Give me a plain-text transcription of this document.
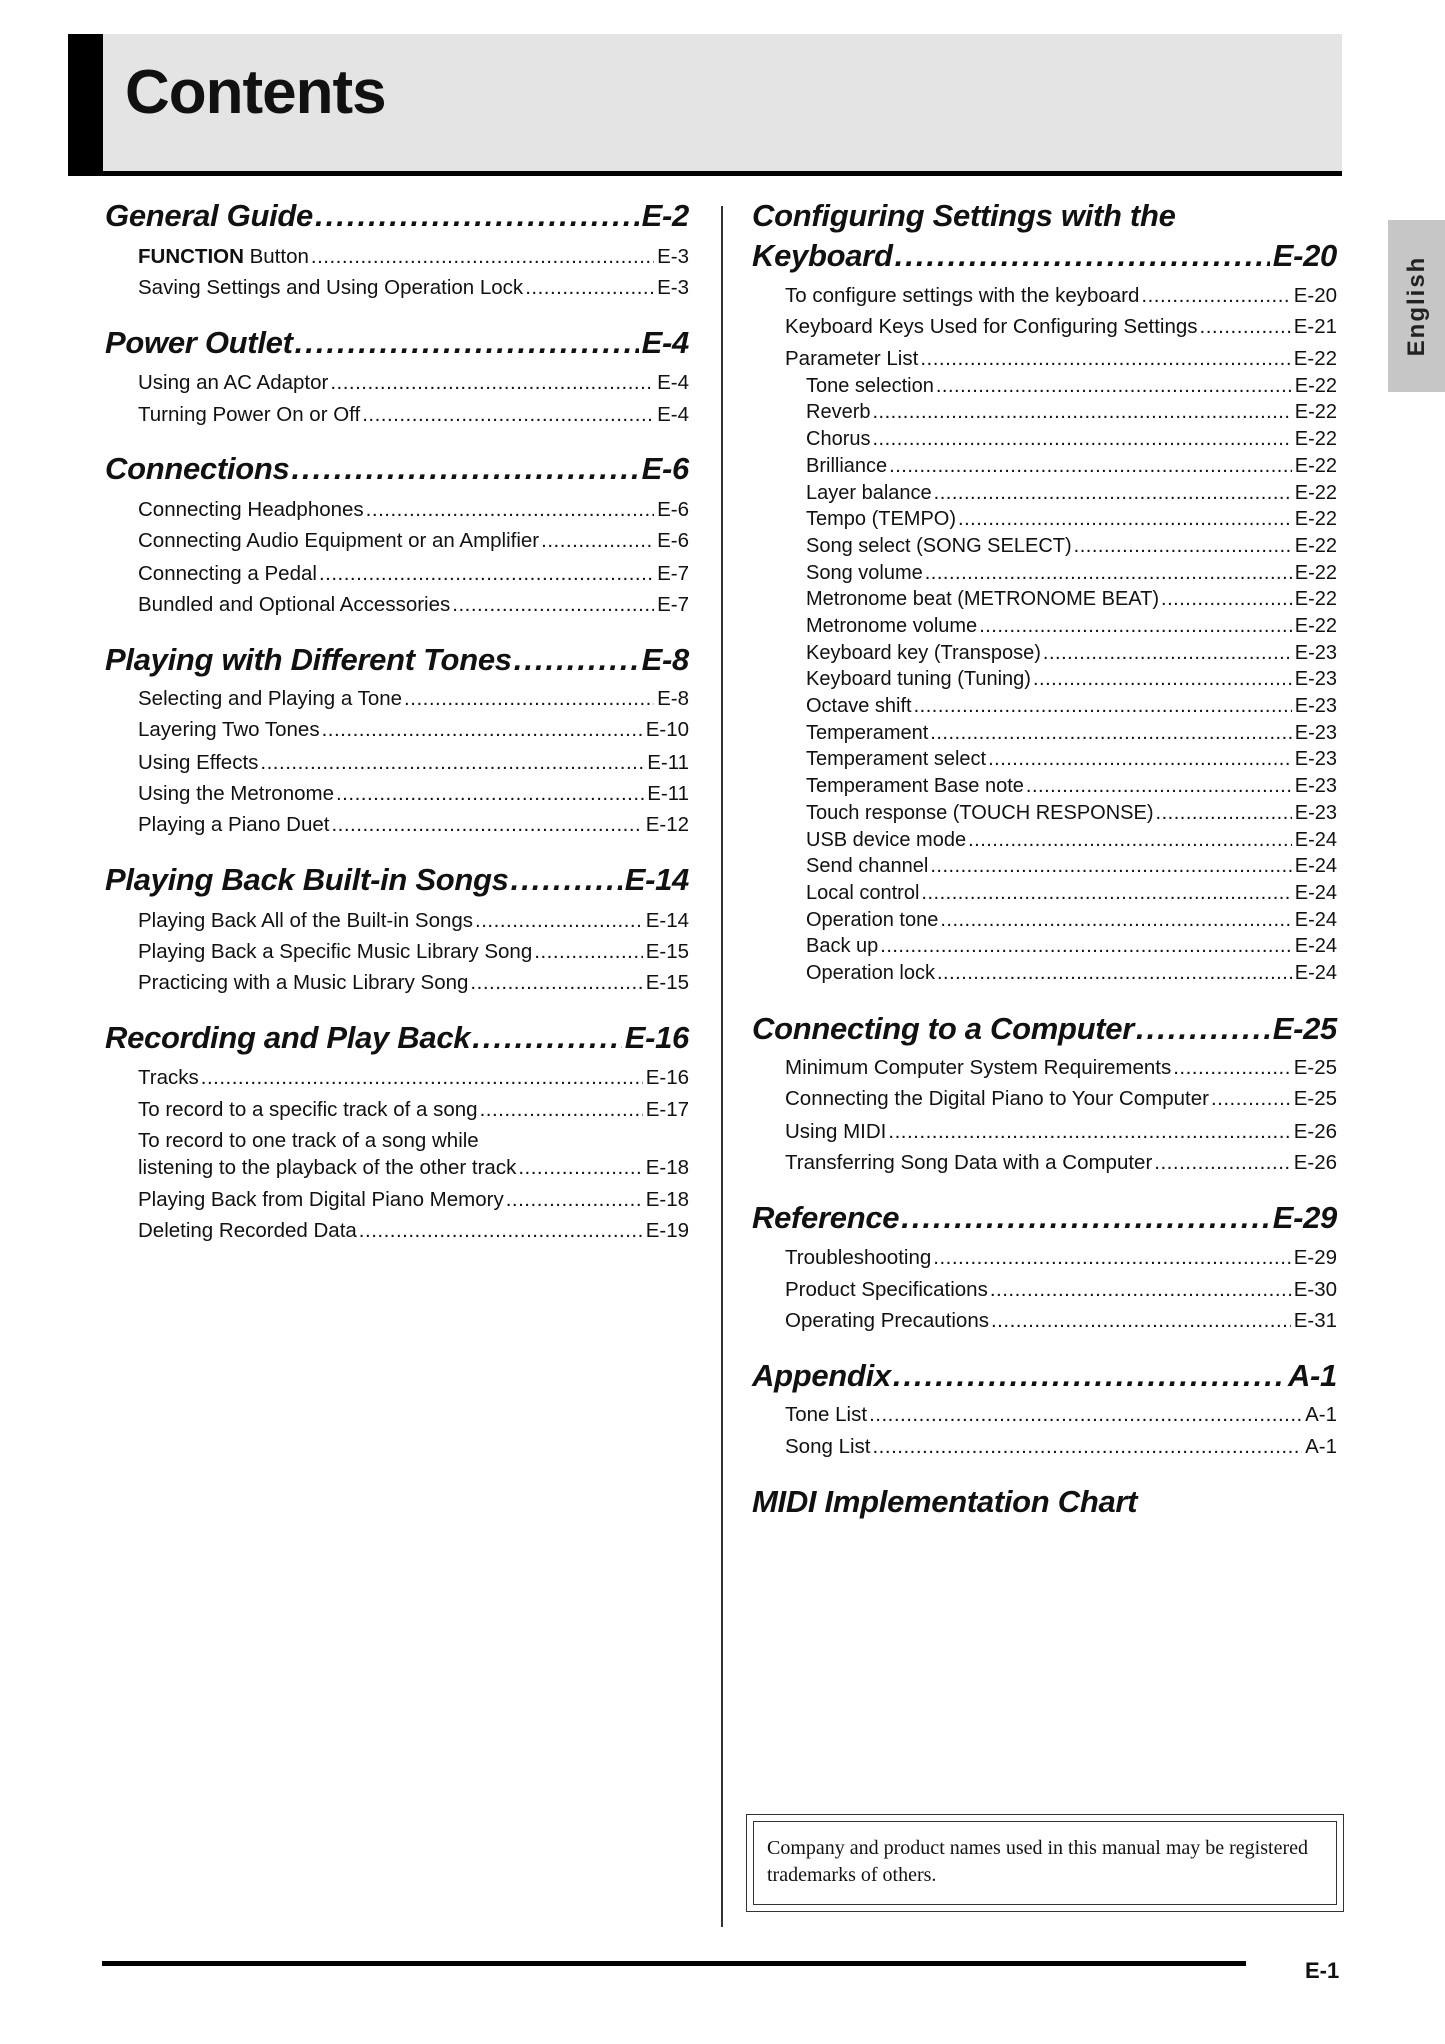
Contents
English
General Guide .....	E-2
FUNCTION Button .....	E-3
Saving Settings and Using Operation Lock .....	E-3
Power Outlet .....	E-4
Using an AC Adaptor .....	E-4
Turning Power On or Off .....	E-4
Connections .....	E-6
Connecting Headphones .....	E-6
Connecting Audio Equipment or an Amplifier .....	E-6
Connecting a Pedal .....	E-7
Bundled and Optional Accessories .....	E-7
Playing with Different Tones .....	E-8
Selecting and Playing a Tone .....	E-8
Layering Two Tones .....	E-10
Using Effects .....	E-11
Using the Metronome .....	E-11
Playing a Piano Duet .....	E-12
Playing Back Built-in Songs .....	E-14
Playing Back All of the Built-in Songs .....	E-14
Playing Back a Specific Music Library Song .....	E-15
Practicing with a Music Library Song .....	E-15
Recording and Play Back .....	E-16
Tracks .....	E-16
To record to a specific track of a song .....	E-17
To record to one track of a song while
listening to the playback of the other track .....	E-18
Playing Back from Digital Piano Memory .....	E-18
Deleting Recorded Data .....	E-19
Configuring Settings with the
Keyboard .....	E-20
To configure settings with the keyboard .....	E-20
Keyboard Keys Used for Configuring Settings .....	E-21
Parameter List .....	E-22
Tone selection .....	E-22
Reverb .....	E-22
Chorus .....	E-22
Brilliance .....	E-22
Layer balance .....	E-22
Tempo (TEMPO) .....	E-22
Song select (SONG SELECT) .....	E-22
Song volume .....	E-22
Metronome beat (METRONOME BEAT) .....	E-22
Metronome volume .....	E-22
Keyboard key (Transpose) .....	E-23
Keyboard tuning (Tuning) .....	E-23
Octave shift .....	E-23
Temperament .....	E-23
Temperament select .....	E-23
Temperament Base note .....	E-23
Touch response (TOUCH RESPONSE) .....	E-23
USB device mode .....	E-24
Send channel .....	E-24
Local control .....	E-24
Operation tone .....	E-24
Back up .....	E-24
Operation lock .....	E-24
Connecting to a Computer .....	E-25
Minimum Computer System Requirements .....	E-25
Connecting the Digital Piano to Your Computer .....	E-25
Using MIDI .....	E-26
Transferring Song Data with a Computer .....	E-26
Reference .....	E-29
Troubleshooting .....	E-29
Product Specifications .....	E-30
Operating Precautions .....	E-31
Appendix .....	A-1
Tone List .....	A-1
Song List .....	A-1
MIDI Implementation Chart

Company and product names used in this manual may be registered trademarks of others.

E-1
